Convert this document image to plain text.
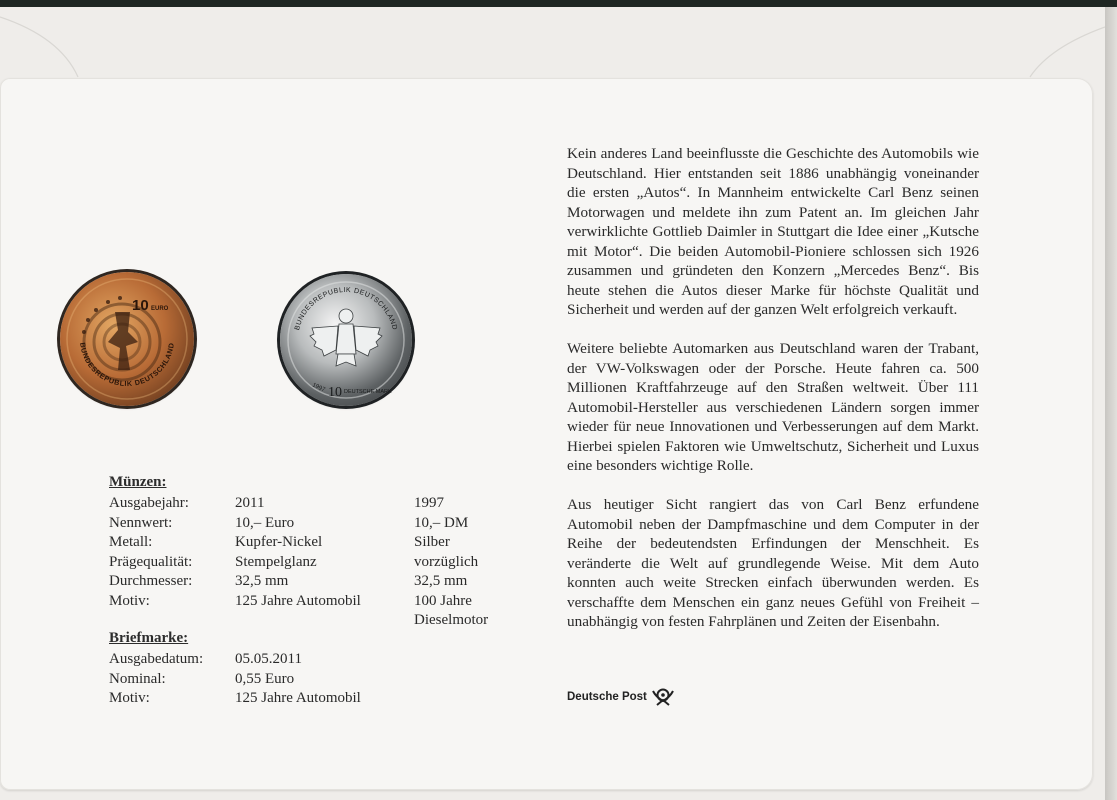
10 EURO
BUNDESREPUBLIK DEUTSCHLAND
BUNDESREPUBLIK DEUTSCHLAND
10 DEUTSCHE MARK
1997
Münzen:
Ausgabejahr:	2011	1997
Nennwert:	10,– Euro	10,– DM
Metall:	Kupfer-Nickel	Silber
Prägequalität:	Stempelglanz	vorzüglich
Durchmesser:	32,5 mm	32,5 mm
Motiv:	125 Jahre Automobil	100 Jahre
Dieselmotor
Briefmarke:
Ausgabedatum: 05.05.2011
Nominal:	0,55 Euro
Motiv:	125 Jahre Automobil

Kein anderes Land beeinflusste die Geschichte des Automobils wie Deutschland. Hier entstanden seit 1886 unabhängig voneinander die ersten „Autos“. In Mannheim entwickelte Carl Benz seinen Motorwagen und meldete ihn zum Patent an. Im gleichen Jahr verwirklichte Gottlieb Daimler in Stuttgart die Idee einer „Kutsche mit Motor“. Die beiden Automobil-Pioniere schlossen sich 1926 zusammen und gründeten den Konzern „Mercedes Benz“. Bis heute stehen die Autos dieser Marke für höchste Qualität und Sicherheit und werden auf der ganzen Welt erfolgreich verkauft.

Weitere beliebte Automarken aus Deutschland waren der Trabant, der VW-Volkswagen oder der Porsche. Heute fahren ca. 500 Millionen Kraftfahrzeuge auf den Straßen weltweit. Über 111 Automobil-Hersteller aus verschiedenen Ländern sorgen immer wieder für neue Innovationen und Verbesserungen auf dem Markt. Hierbei spielen Faktoren wie Umweltschutz, Sicherheit und Luxus eine besonders wichtige Rolle.

Aus heutiger Sicht rangiert das von Carl Benz erfundene Automobil neben der Dampfmaschine und dem Computer in der Reihe der bedeutendsten Erfindungen der Menschheit. Es veränderte die Welt auf grundlegende Weise. Mit dem Auto konnten auch weite Strecken einfach überwunden werden. Es verschaffte dem Menschen ein ganz neues Gefühl von Freiheit – unabhängig von festen Fahrplänen und Zeiten der Eisenbahn.

Deutsche Post
